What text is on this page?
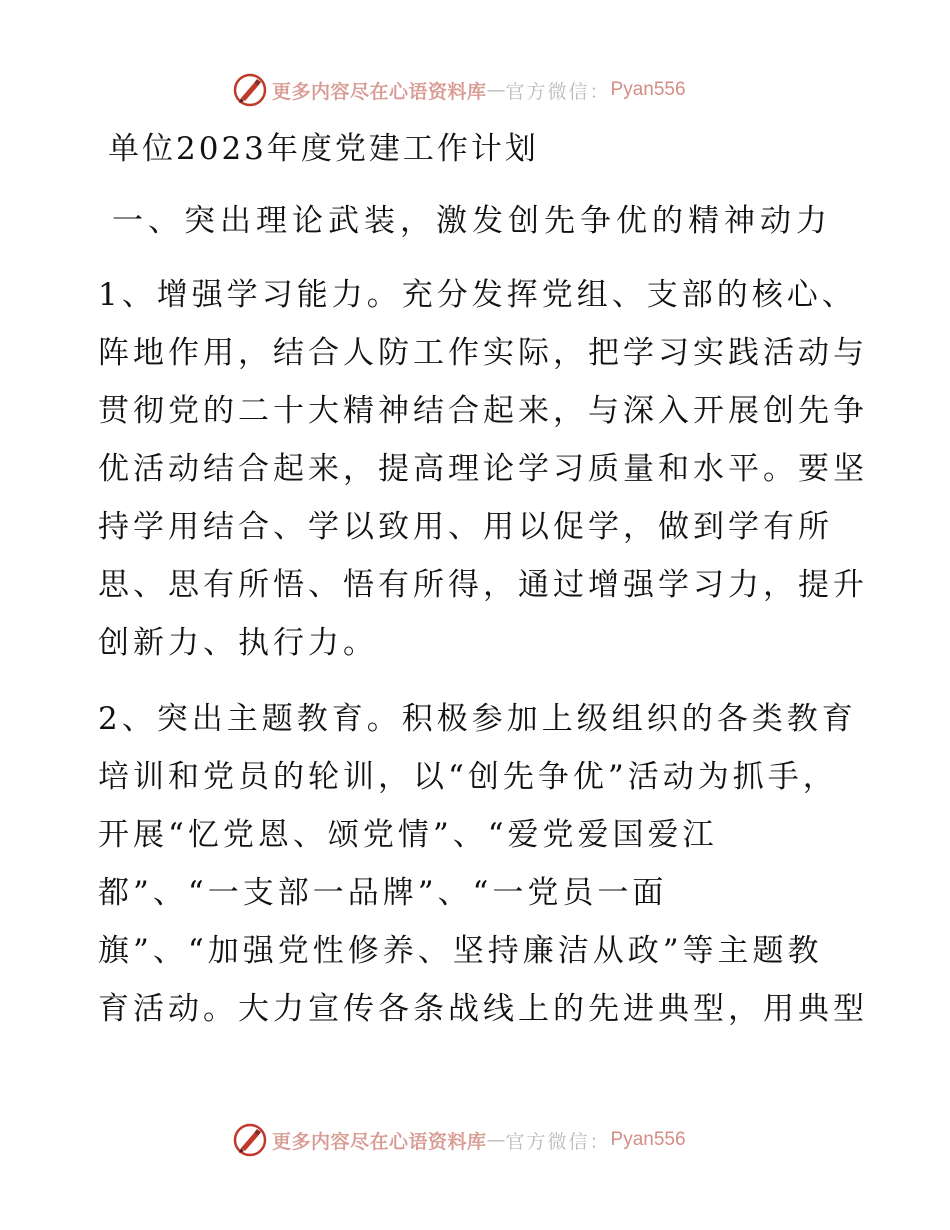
更多内容尽在心语资料库 — 官方微信： Pyan556
单位2023年度党建工作计划
一、突出理论武装，激发创先争优的精神动力
1、增强学习能力。充分发挥党组、支部的核心、
阵地作用，结合人防工作实际，把学习实践活动与
贯彻党的二十大精神结合起来，与深入开展创先争
优活动结合起来，提高理论学习质量和水平。要坚
持学用结合、学以致用、用以促学，做到学有所
思、思有所悟、悟有所得，通过增强学习力，提升
创新力、执行力。
2、突出主题教育。积极参加上级组织的各类教育
培训和党员的轮训，以“创先争优”活动为抓手，
开展“忆党恩、颂党情”、“爱党爱国爱江
都”、“一支部一品牌”、“一党员一面
旗”、“加强党性修养、坚持廉洁从政”等主题教
育活动。大力宣传各条战线上的先进典型，用典型
更多内容尽在心语资料库 — 官方微信： Pyan556
